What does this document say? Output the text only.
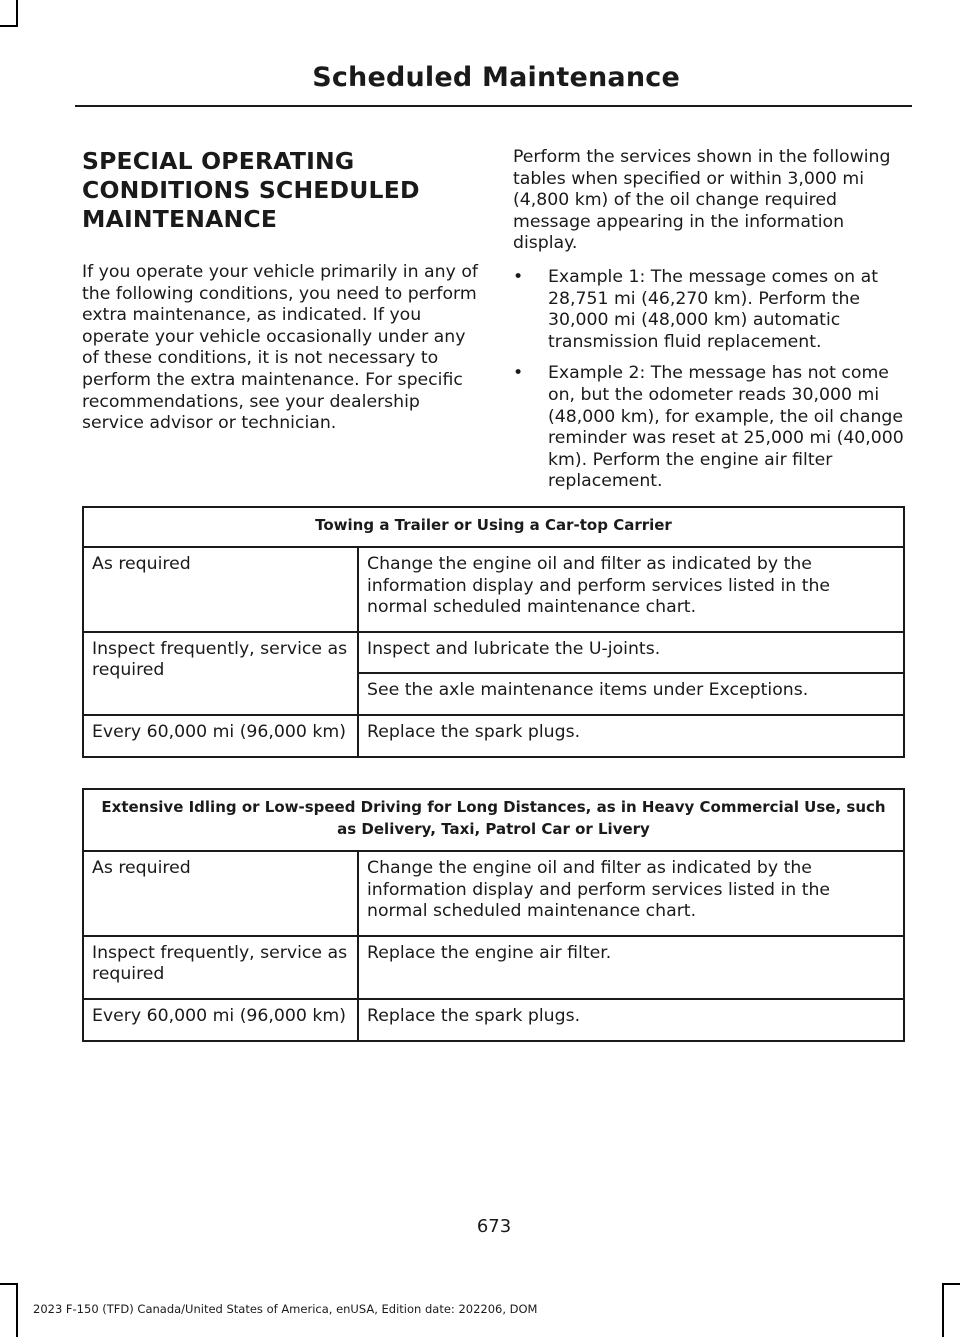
Scheduled Maintenance
SPECIAL OPERATING
CONDITIONS SCHEDULED
MAINTENANCE

If you operate your vehicle primarily in any of the following conditions, you need to perform extra maintenance, as indicated. If you operate your vehicle occasionally under any of these conditions, it is not necessary to perform the extra maintenance. For specific recommendations, see your dealership service advisor or technician.

Perform the services shown in the following tables when specified or within 3,000 mi (4,800 km) of the oil change required message appearing in the information display.

• Example 1: The message comes on at 28,751 mi (46,270 km). Perform the 30,000 mi (48,000 km) automatic transmission fluid replacement.
• Example 2: The message has not come on, but the odometer reads 30,000 mi (48,000 km), for example, the oil change reminder was reset at 25,000 mi (40,000 km). Perform the engine air filter replacement.
Towing a Trailer or Using a Car-top Carrier	
As required	Change the engine oil and filter as indicated by the information display and perform services listed in the normal scheduled maintenance chart.
Inspect frequently, service as required	Inspect and lubricate the U-joints.
	See the axle maintenance items under Exceptions.
Every 60,000 mi (96,000 km)	Replace the spark plugs.
Extensive Idling or Low-speed Driving for Long Distances, as in Heavy Commercial Use, such as Delivery, Taxi, Patrol Car or Livery	
As required	Change the engine oil and filter as indicated by the information display and perform services listed in the normal scheduled maintenance chart.
Inspect frequently, service as required	Replace the engine air filter.
Every 60,000 mi (96,000 km)	Replace the spark plugs.
673
2023 F-150 (TFD) Canada/United States of America, enUSA, Edition date: 202206, DOM
